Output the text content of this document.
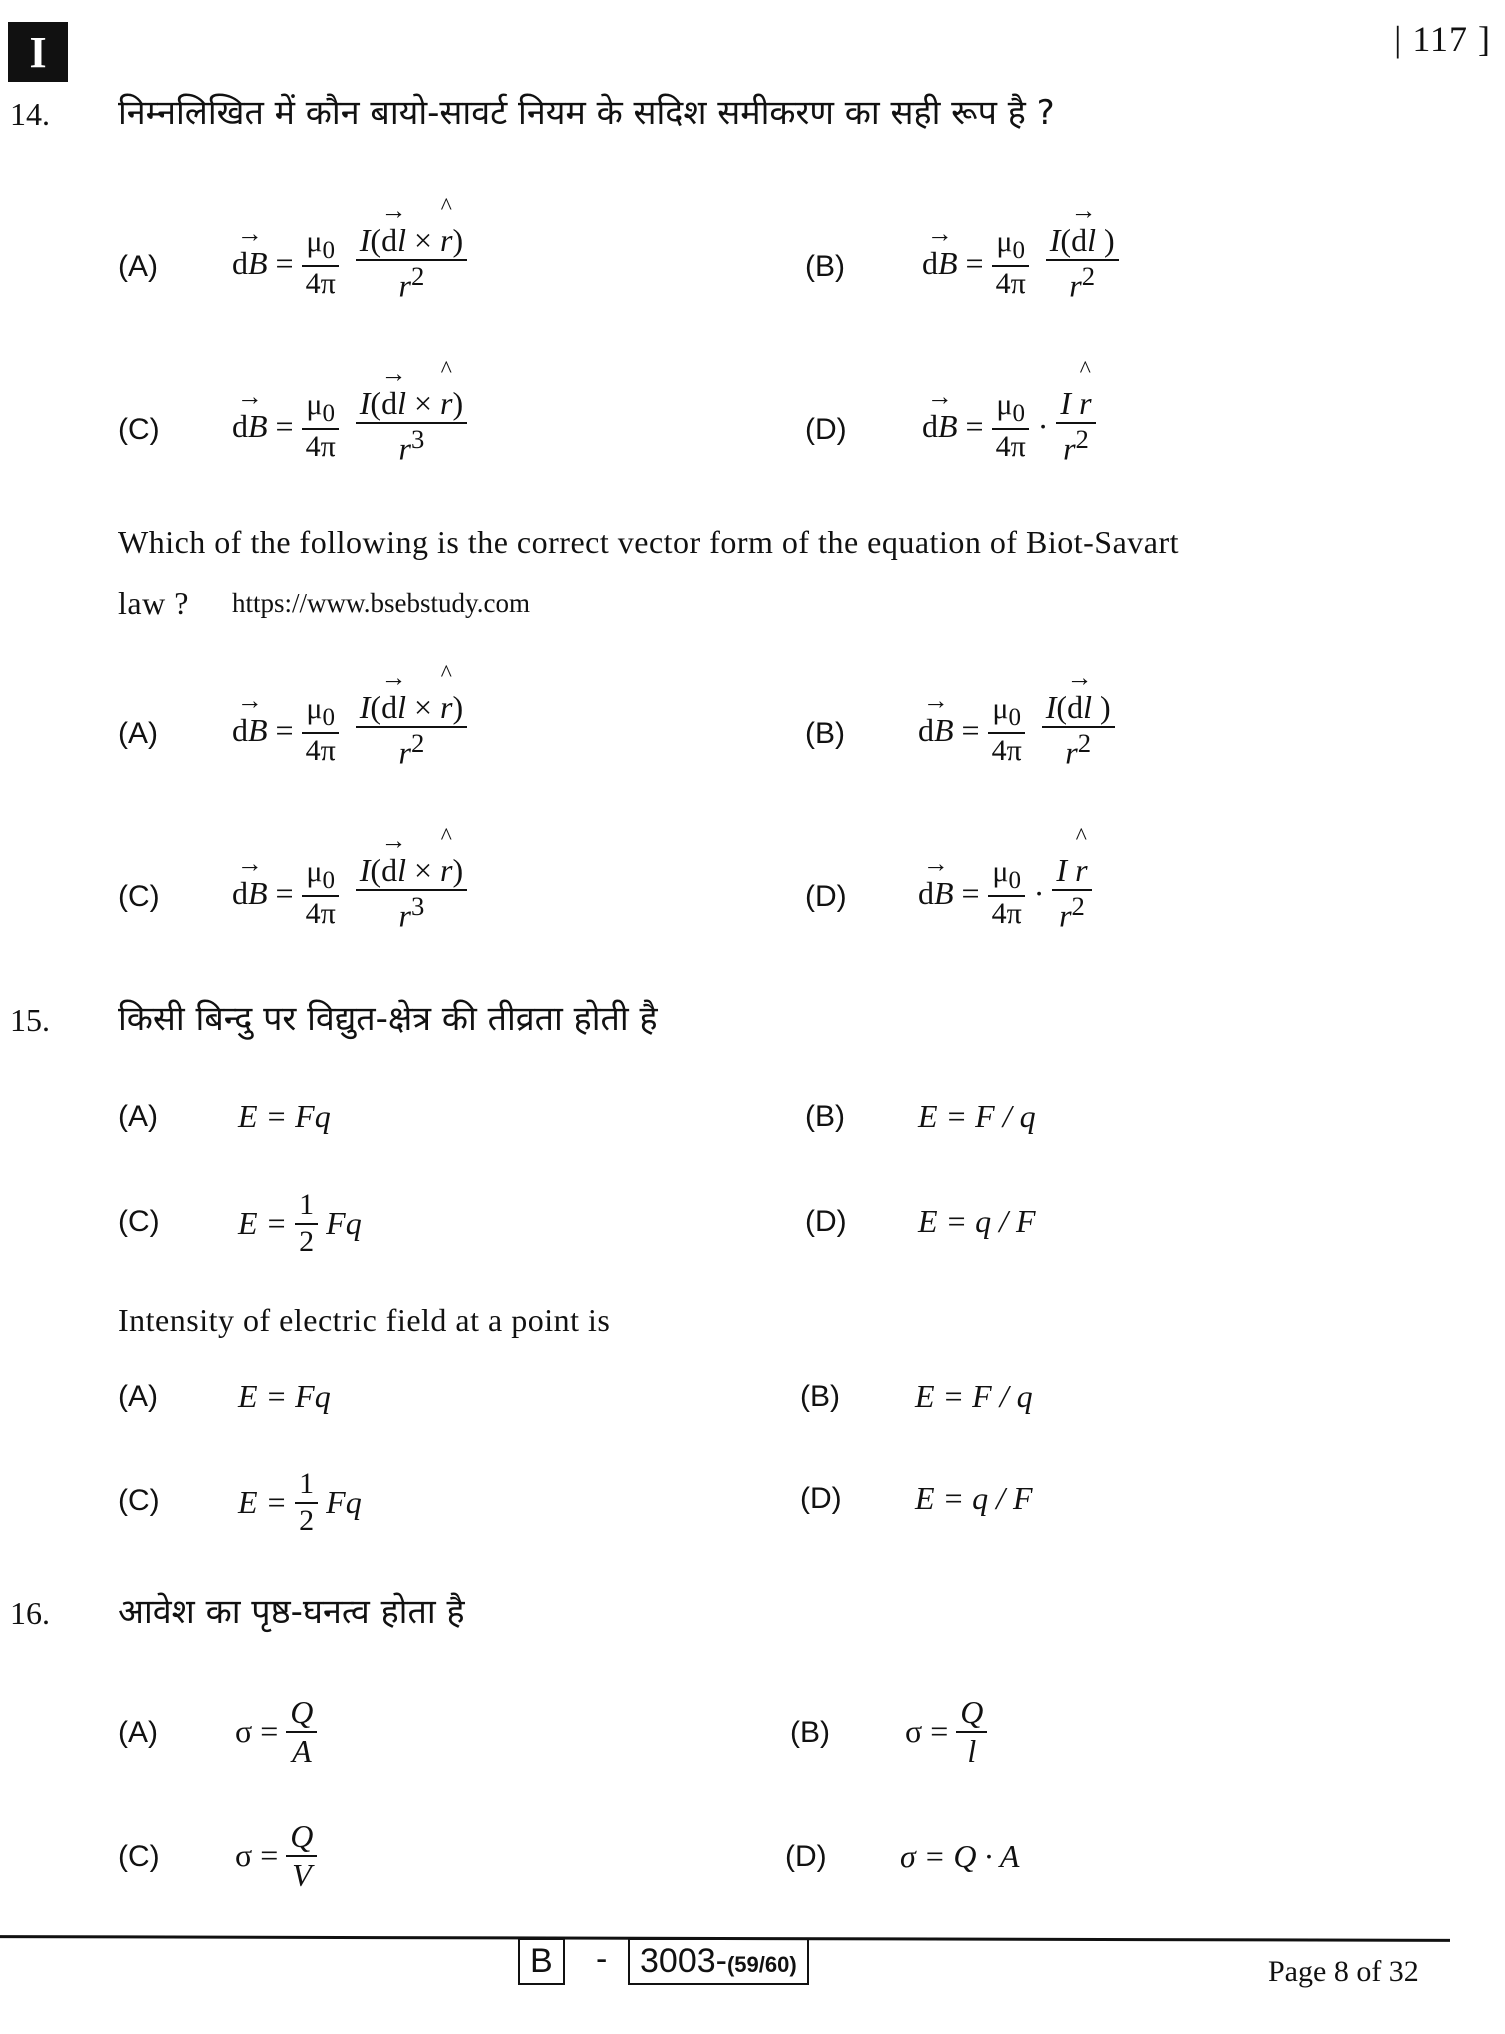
I	| 117 ]
14. निम्नलिखित में कौन बायो-सावर्ट नियम के सदिश समीकरण का सही रूप है ?
(A) → dB = $\frac{\mu_0}{4\pi} \frac{I(\to dl \times \^{} r)}{r^2}$	(B) → dB = $\frac{\mu_0}{4\pi} \frac{I(\to dl )}{r^2}$
(C) → dB = $\frac{\mu_0}{4\pi} \frac{I(\to dl \times \^{} r)}{r^3}$	(D) → dB = $\frac{\mu_0}{4\pi} \cdot \frac{I \^{} r}{r^2}$
Which of the following is the correct vector form of the equation of Biot-Savart
law ? https://www.bsebstudy.com
(A) → dB = $\frac{\mu_0}{4\pi} \frac{I(\to dl \times \^{} r)}{r^2}$	(B) → dB = $\frac{\mu_0}{4\pi} \frac{I(\to dl )}{r^2}$
(C) → dB = $\frac{\mu_0}{4\pi} \frac{I(\to dl \times \^{} r)}{r^3}$	(D) → dB = $\frac{\mu_0}{4\pi} \cdot \frac{I \^{} r}{r^2}$
15. किसी बिन्दु पर विद्युत-क्षेत्र की तीव्रता होती है
(A)	E = Fq	(B) E = F / q
(C) $E = \frac{1}{2}$ Fq	(D) E = q / F
Intensity of electric field at a point is
(A)	E = Fq	(B) E = F / q
(C) $E = \frac{1}{2}$ Fq	(D) E = q / F
16. आवेश का पृष्ठ-घनत्व होता है
(A) $\sigma = \frac{Q}{A}$	(B) $\sigma = \frac{Q}{l}$
(C) $\sigma = \frac{Q}{V}$	(D) σ = Q · A
B	- 3003- (59/60)	Page 8 of 32
